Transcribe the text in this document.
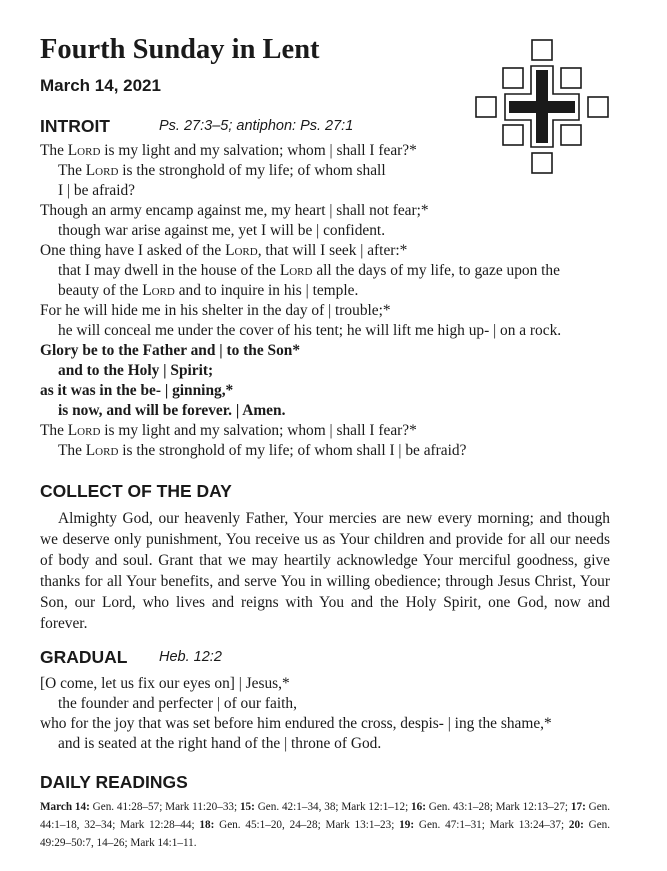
Fourth Sunday in Lent
March 14, 2021
INTROIT	Ps. 27:3–5; antiphon: Ps. 27:1
The Lord is my light and my salvation; whom | shall I fear?*
The Lord is the stronghold of my life; of whom shall
I | be afraid?
Though an army encamp against me, my heart | shall not fear;*
though war arise against me, yet I will be | confident.
One thing have I asked of the Lord, that will I seek | after:*
that I may dwell in the house of the Lord all the days of my life, to gaze upon the
beauty of the Lord and to inquire in his | temple.
For he will hide me in his shelter in the day of | trouble;*
he will conceal me under the cover of his tent; he will lift me high up- | on a rock.
Glory be to the Father and | to the Son*
and to the Holy | Spirit;
as it was in the be- | ginning,*
is now, and will be forever. | Amen.
The Lord is my light and my salvation; whom | shall I fear?*
The Lord is the stronghold of my life; of whom shall I | be afraid?
COLLECT OF THE DAY
Almighty God, our heavenly Father, Your mercies are new every morning; and though we deserve only punishment, You receive us as Your children and provide for all our needs of body and soul. Grant that we may heartily acknowledge Your merciful goodness, give thanks for all Your benefits, and serve You in willing obedience; through Jesus Christ, Your Son, our Lord, who lives and reigns with You and the Holy Spirit, one God, now and forever.
GRADUAL Heb. 12:2
[O come, let us fix our eyes on] | Jesus,*
the founder and perfecter | of our faith,
who for the joy that was set before him endured the cross, despis- | ing the shame,*
and is seated at the right hand of the | throne of God.
DAILY READINGS
March 14: Gen. 41:28–57; Mark 11:20–33; 15: Gen. 42:1–34, 38; Mark 12:1–12; 16: Gen. 43:1–28; Mark 12:13–27; 17: Gen. 44:1–18, 32–34; Mark 12:28–44; 18: Gen. 45:1–20, 24–28; Mark 13:1–23; 19: Gen. 47:1–31; Mark 13:24–37; 20: Gen. 49:29–50:7, 14–26; Mark 14:1–11.
